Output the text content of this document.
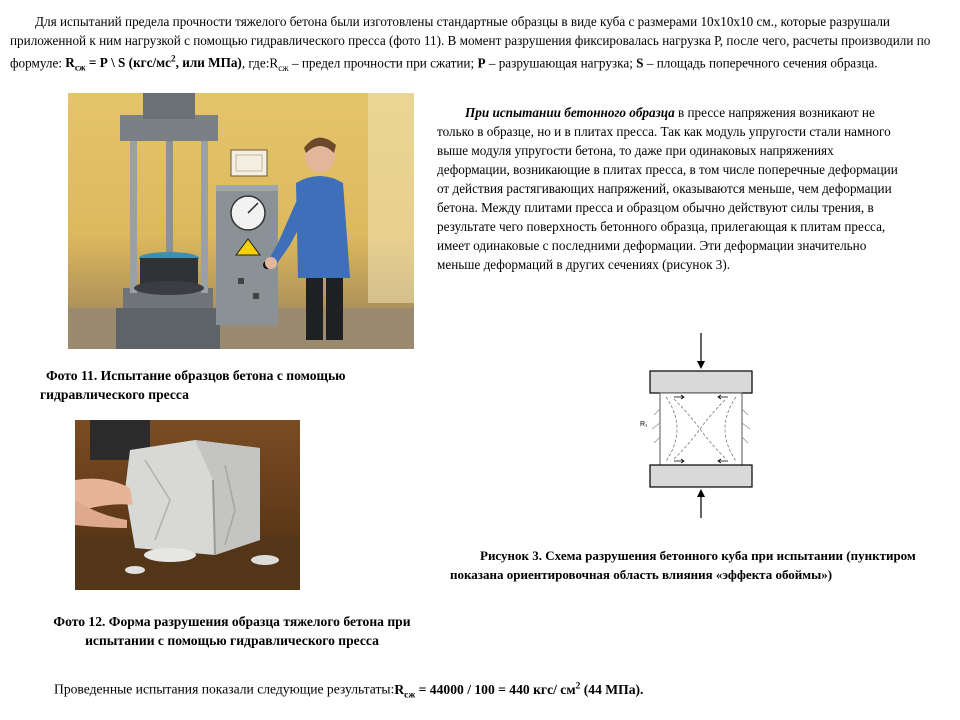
Для испытаний предела прочности тяжелого бетона были изготовлены стандартные образцы в виде куба с размерами 10х10х10 см., которые разрушали приложенной к ним нагрузкой с помощью гидравлического пресса (фото 11). В момент разрушения фиксировалась нагрузка Р, после чего, расчеты производили по формуле: $R_{сж} = Р$ \ S ($кгс/мс^2$, или МПа), $где:R_{сж}$ – предел прочности при сжатии; Р – разрушающая нагрузка; S – площадь поперечного сечения образца.
При испытании бетонного образца в прессе напряжения возникают не только в образце, но и в плитах пресса. Так как модуль упругости стали намного выше модуля упругости бетона, то даже при одинаковых напряжениях деформации, возникающие в плитах пресса, в том числе поперечные деформации от действия растягивающих напряжений, оказываются меньше, чем деформации бетона. Между плитами пресса и образцом обычно действуют силы трения, в результате чего поверхность бетонного образца, прилегающая к плитам пресса, имеет одинаковые с последними деформации. Эти деформации значительно меньше деформаций в других сечениях (рисунок 3).
Фото 11. Испытание образцов бетона с помощью гидравлического пресса
Фото 12. Форма разрушения образца тяжелого бетона при испытании с помощью гидравлического пресса
R₁
Рисунок 3. Схема разрушения бетонного куба при испытании (пунктиром показана ориентировочная область влияния «эффекта обоймы»)
Проведенные испытания показали следующие $результаты:R_{сж} = 44000 / 100 = 440$ кгс/ $см^2$ (44 МПа).
